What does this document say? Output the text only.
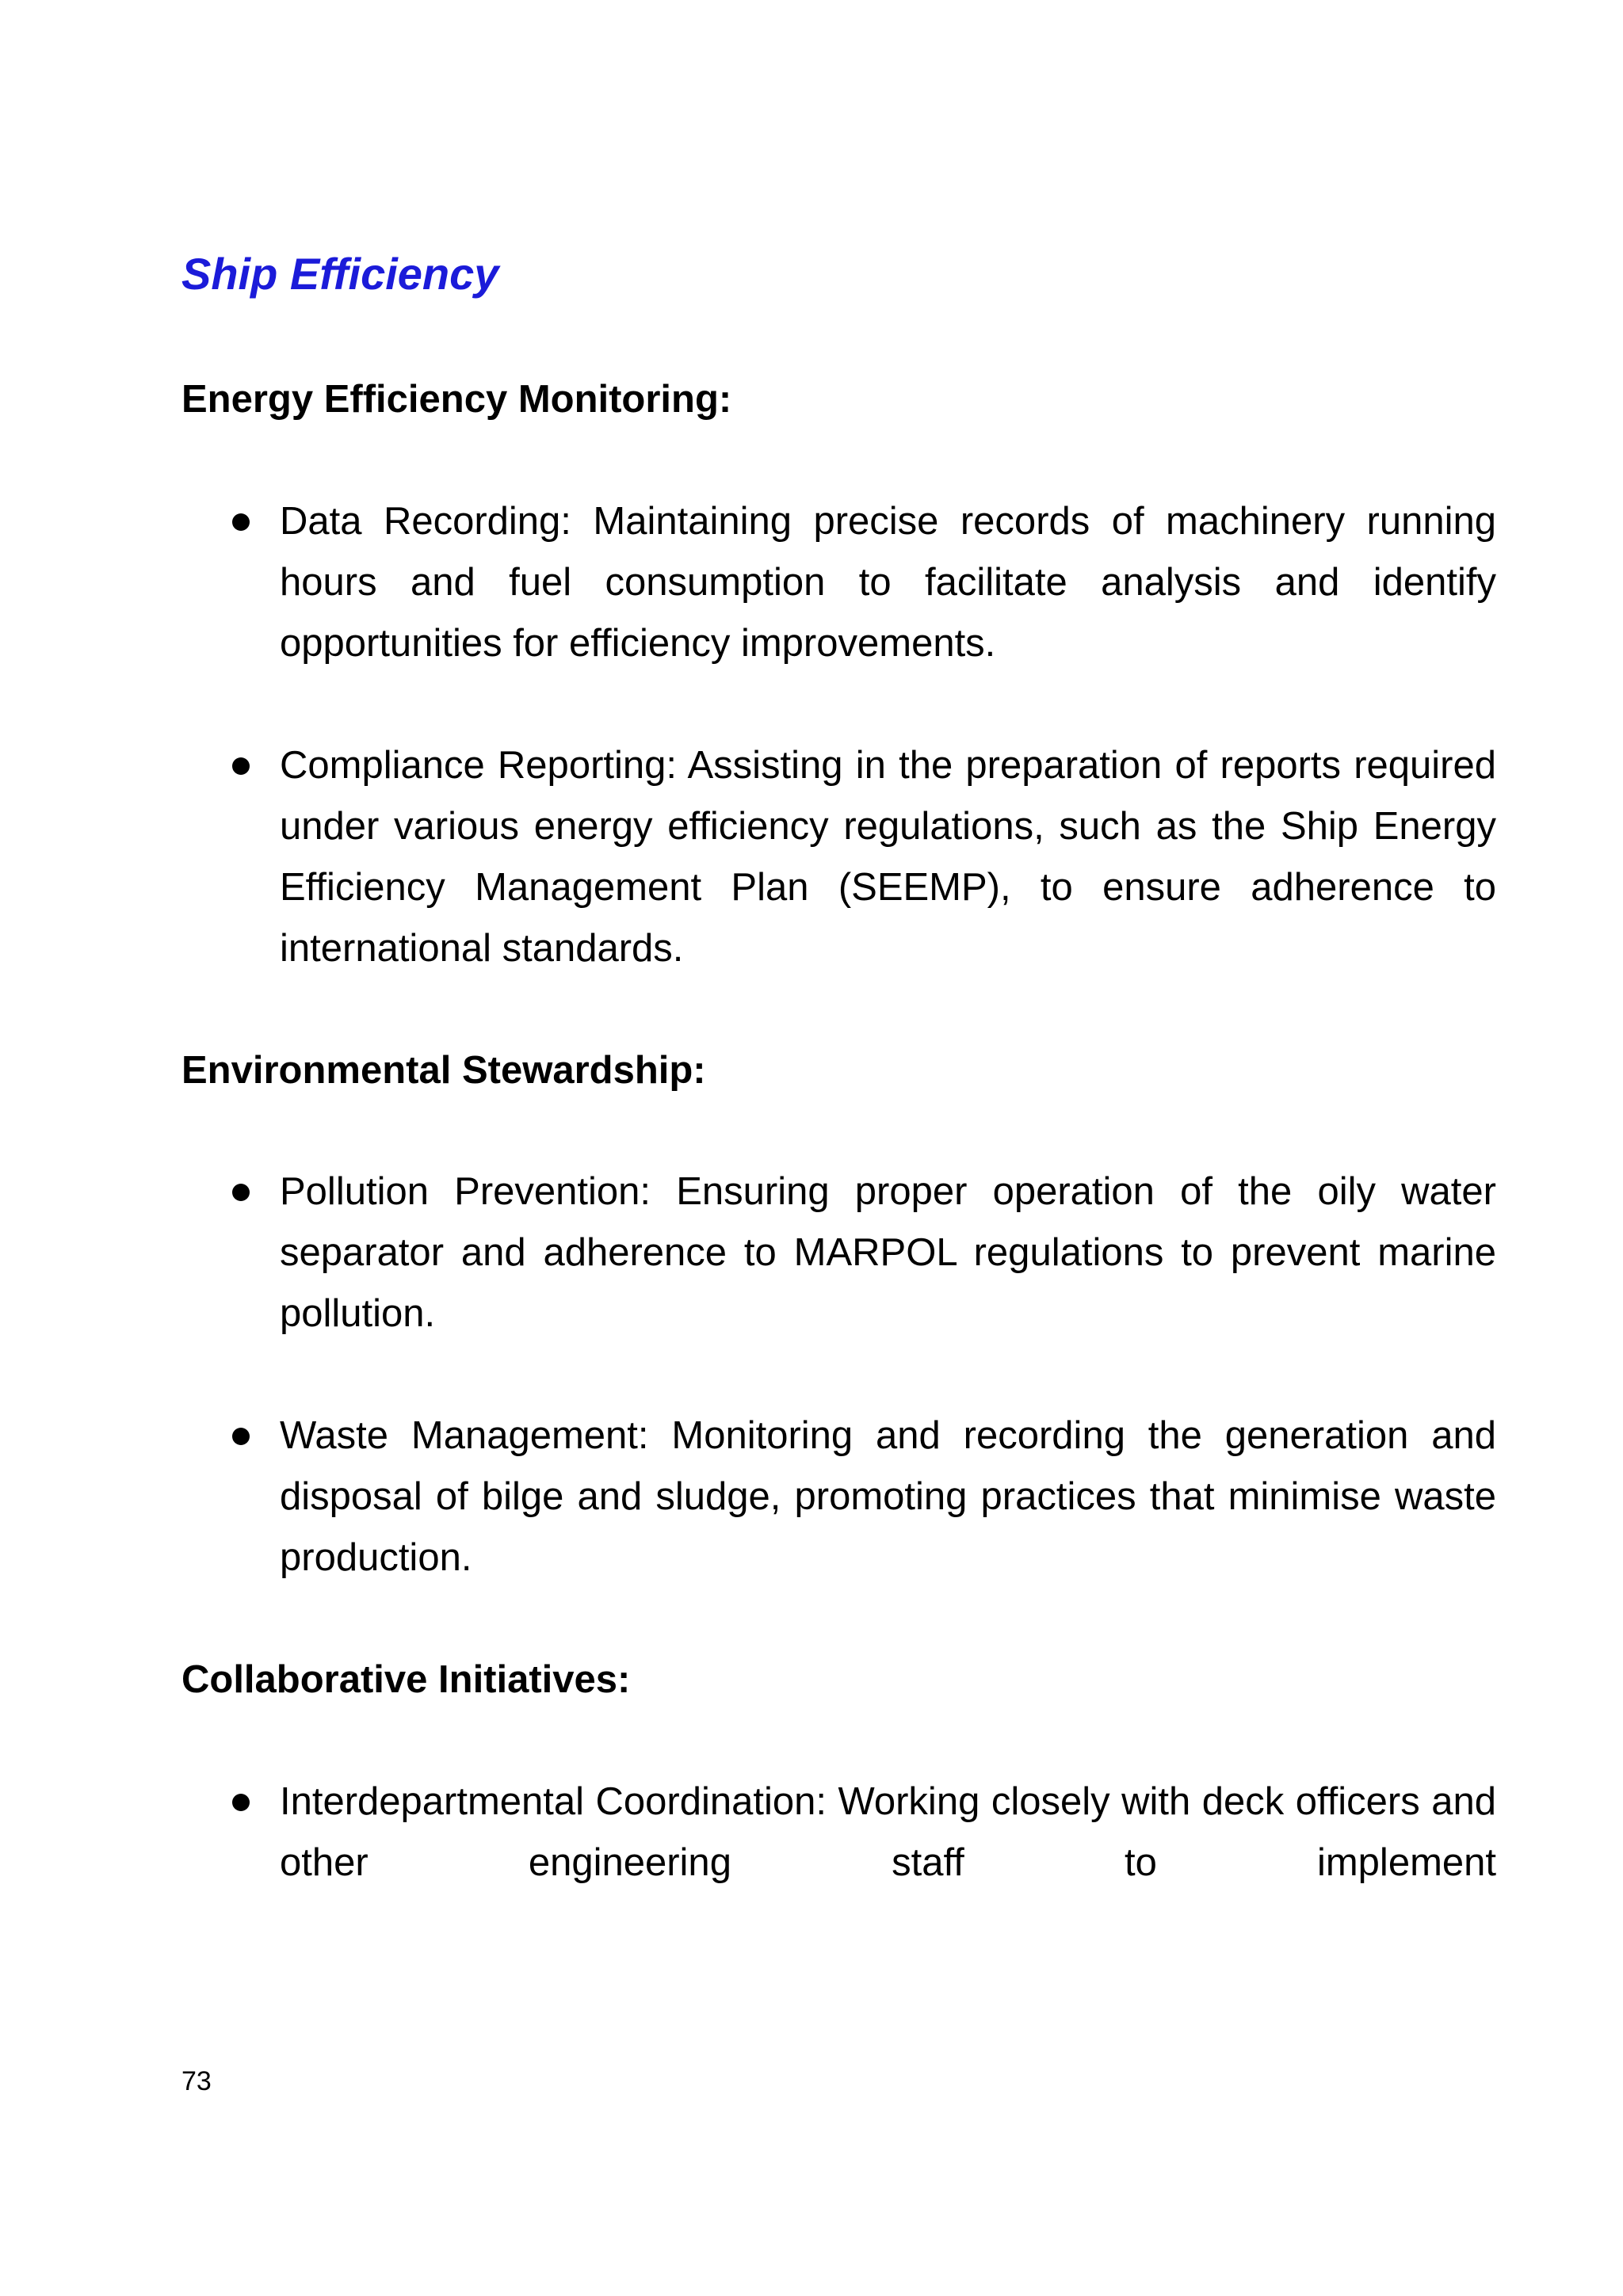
Ship Efficiency
Energy Efficiency Monitoring:

Data Recording: Maintaining precise records of machinery running hours and fuel consumption to facilitate analysis and identify opportunities for efficiency improvements.

Compliance Reporting: Assisting in the preparation of reports required under various energy efficiency regulations, such as the Ship Energy Efficiency Management Plan (SEEMP), to ensure adherence to international standards.

Environmental Stewardship:

Pollution Prevention: Ensuring proper operation of the oily water separator and adherence to MARPOL regulations to prevent marine pollution.

Waste Management: Monitoring and recording the generation and disposal of bilge and sludge, promoting practices that minimise waste production.

Collaborative Initiatives:

Interdepartmental Coordination: Working closely with deck officers and other engineering staff to implement

73
